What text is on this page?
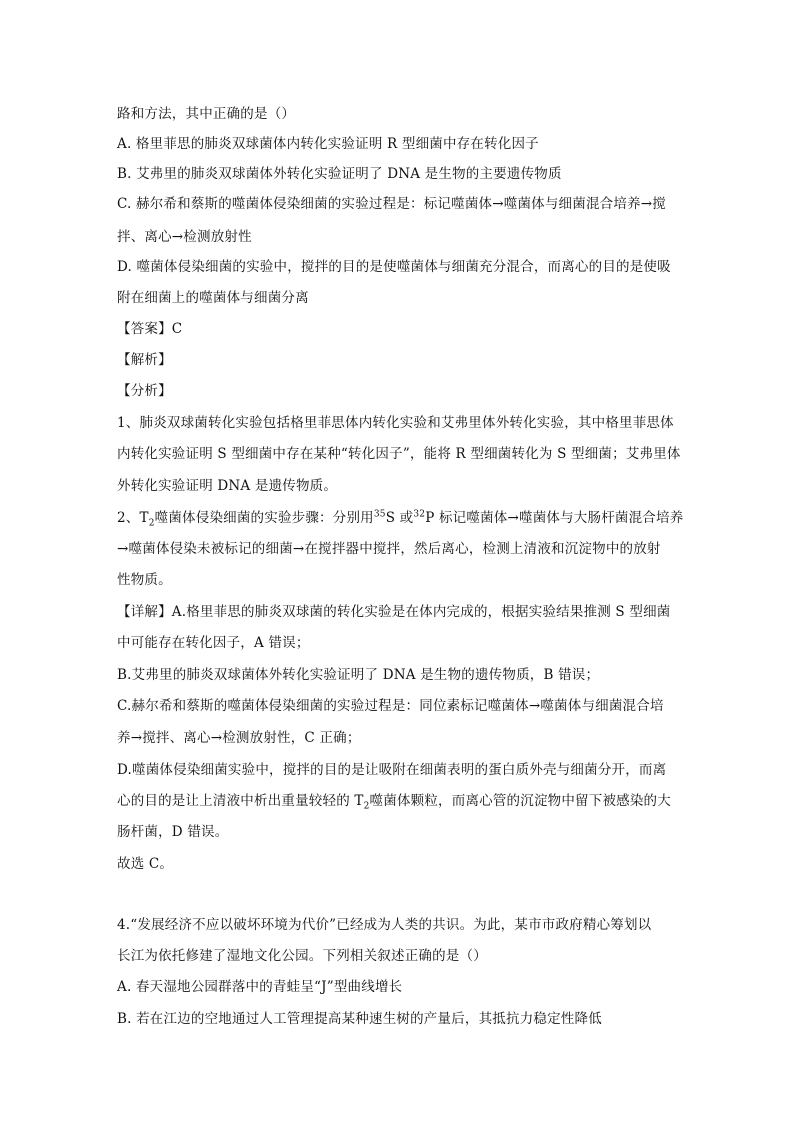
路和方法，其中正确的是（）
A. 格里菲思的肺炎双球菌体内转化实验证明 R 型细菌中存在转化因子
B. 艾弗里的肺炎双球菌体外转化实验证明了 DNA 是生物的主要遗传物质
C. 赫尔希和蔡斯的噬菌体侵染细菌的实验过程是：标记噬菌体→噬菌体与细菌混合培养→搅
拌、离心→检测放射性
D. 噬菌体侵染细菌的实验中，搅拌的目的是使噬菌体与细菌充分混合，而离心的目的是使吸
附在细菌上的噬菌体与细菌分离
【答案】C
【解析】
【分析】
1、肺炎双球菌转化实验包括格里菲思体内转化实验和艾弗里体外转化实验，其中格里菲思体
内转化实验证明 S 型细菌中存在某种“转化因子”，能将 R 型细菌转化为 S 型细菌；艾弗里体
外转化实验证明 DNA 是遗传物质。
2、$T_2$噬菌体侵染细菌的实验步骤：分别用$^{35}$S 或$^{32}$P 标记噬菌体→噬菌体与大肠杆菌混合培养
→噬菌体侵染未被标记的细菌→在搅拌器中搅拌，然后离心，检测上清液和沉淀物中的放射
性物质。
【详解】A.格里菲思的肺炎双球菌的转化实验是在体内完成的，根据实验结果推测 S 型细菌
中可能存在转化因子，A 错误；
B.艾弗里的肺炎双球菌体外转化实验证明了 DNA 是生物的遗传物质，B 错误；
C.赫尔希和蔡斯的噬菌体侵染细菌的实验过程是：同位素标记噬菌体→噬菌体与细菌混合培
养→搅拌、离心→检测放射性，C 正确；
D.噬菌体侵染细菌实验中，搅拌的目的是让吸附在细菌表明的蛋白质外壳与细菌分开，而离
心的目的是让上清液中析出重量较轻的 $T_2$噬菌体颗粒，而离心管的沉淀物中留下被感染的大
肠杆菌，D 错误。
故选 C。
4.“发展经济不应以破坏环境为代价”已经成为人类的共识。为此，某市市政府精心筹划以
长江为依托修建了湿地文化公园。下列相关叙述正确的是（）
A. 春天湿地公园群落中的青蛙呈“J”型曲线增长
B. 若在江边的空地通过人工管理提高某种速生树的产量后，其抵抗力稳定性降低
